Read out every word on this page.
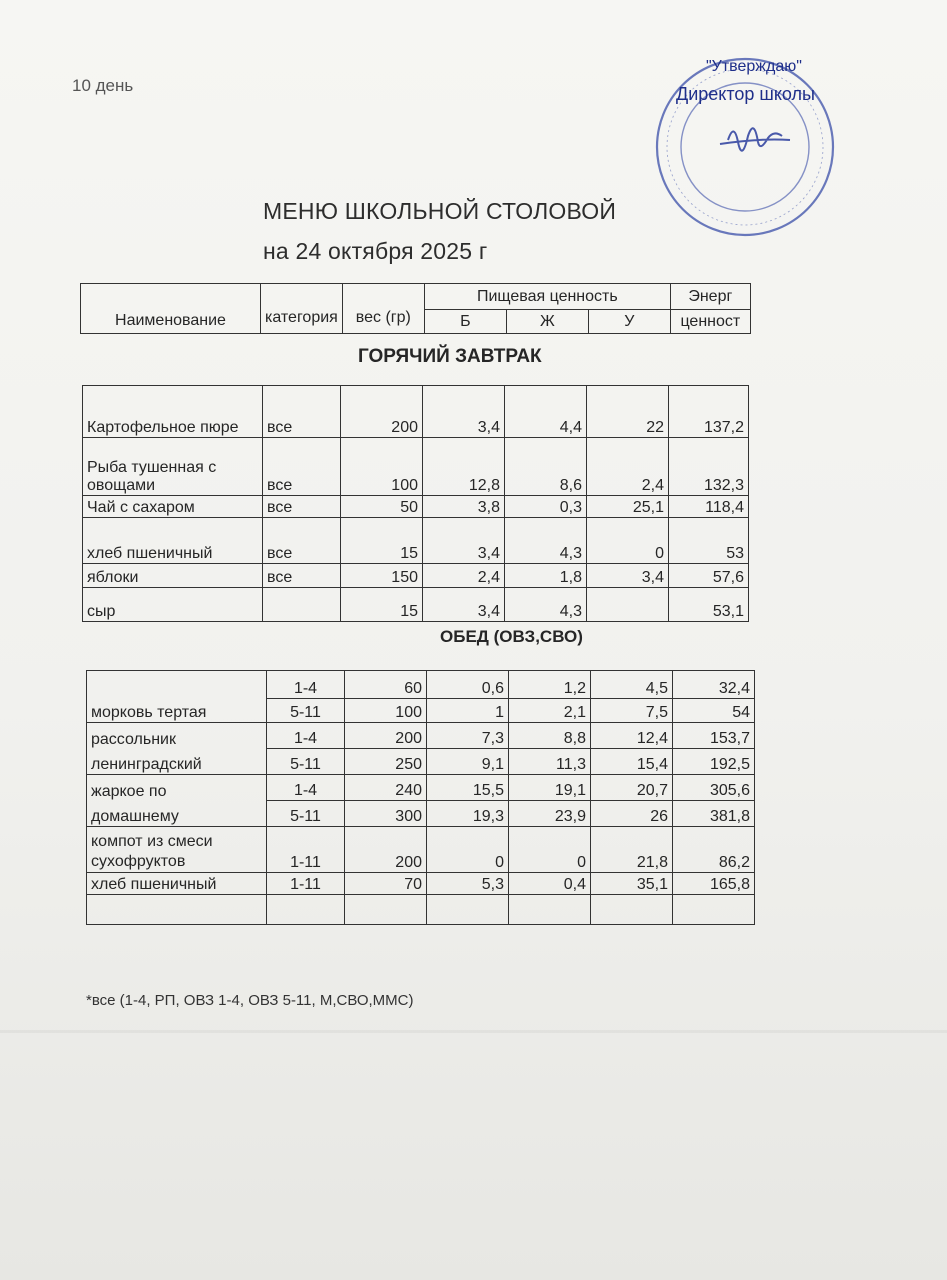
10 день
"Утверждаю"
Директор школы
МЕНЮ ШКОЛЬНОЙ СТОЛОВОЙ
на 24 октября 2025 г
Наименование	категория	вес (гр)	Пищевая ценность			Энерг
			Б	Ж	У	ценност
ГОРЯЧИЙ ЗАВТРАК
Картофельное пюре	все	200	3,4	4,4	22	137,2
Рыба тушенная с овощами	все	100	12,8	8,6	2,4	132,3
Чай с сахаром	все	50	3,8	0,3	25,1	118,4
хлеб пшеничный	все	15	3,4	4,3	0	53
яблоки	все	150	2,4	1,8	3,4	57,6
сыр		15	3,4	4,3		53,1
ОБЕД (ОВЗ,СВО)
морковь тертая	1-4	60	0,6	1,2	4,5	32,4
	5-11	100	1	2,1	7,5	54
рассольник	1-4	200	7,3	8,8	12,4	153,7
ленинградский	5-11	250	9,1	11,3	15,4	192,5
жаркое по	1-4	240	15,5	19,1	20,7	305,6
домашнему	5-11	300	19,3	23,9	26	381,8

компот из смеси
сухофруктов	1-11	200	0	0	21,8	86,2
хлеб пшеничный	1-11	70	5,3	0,4	35,1	165,8

*все (1-4, РП, ОВЗ 1-4, ОВЗ 5-11, М,СВО,ММС)
